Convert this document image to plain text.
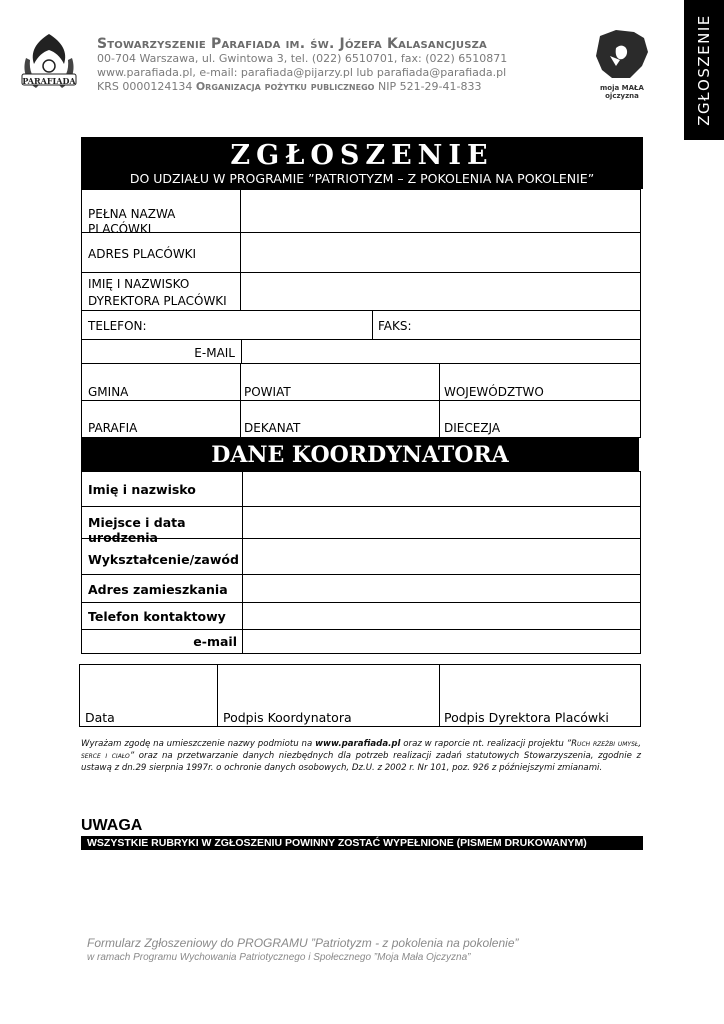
PARAFIADA
Stowarzyszenie Parafiada im. św. Józefa Kalasancjusza
00-704 Warszawa, ul. Gwintowa 3, tel. (022) 6510701, fax: (022) 6510871
www.parafiada.pl, e-mail: parafiada@pijarzy.pl lub parafiada@parafiada.pl
KRS 0000124134 Organizacja pożytku publicznego NIP 521-29-41-833	moja MAŁA ojczyzna	ZGŁOSZENIE
ZGŁOSZENIE
DO UDZIAŁU W PROGRAMIE ”PATRIOTYZM – Z POKOLENIA NA POKOLENIE”
PEŁNA NAZWA PLACÓWKI
ADRES PLACÓWKI
IMIĘ I NAZWISKO
DYREKTORA PLACÓWKI
TELEFON:	FAKS:
E-MAIL
GMINA	POWIAT	WOJEWÓDZTWO
PARAFIA	DEKANAT	DIECEZJA
DANE KOORDYNATORA
Imię i nazwisko
Miejsce i data urodzenia
Wykształcenie/zawód
Adres zamieszkania
Telefon kontaktowy
e-mail
Data	Podpis Koordynatora	Podpis Dyrektora Placówki
Wyrażam zgodę na umieszczenie nazwy podmiotu na www.parafiada.pl oraz w raporcie nt. realizacji projektu ”Ruch rzeźbi umysł, serce i ciało” oraz na przetwarzanie danych niezbędnych dla potrzeb realizacji zadań statutowych Stowarzyszenia, zgodnie z ustawą z dn.29 sierpnia 1997r. o ochronie danych osobowych, Dz.U. z 2002 r. Nr 101, poz. 926 z późniejszymi zmianami.
UWAGA
WSZYSTKIE RUBRYKI W ZGŁOSZENIU POWINNY ZOSTAĆ WYPEŁNIONE (PISMEM DRUKOWANYM)
Formularz Zgłoszeniowy do PROGRAMU ”Patriotyzm - z pokolenia na pokolenie”
w ramach Programu Wychowania Patriotycznego i Społecznego ”Moja Mała Ojczyzna”
